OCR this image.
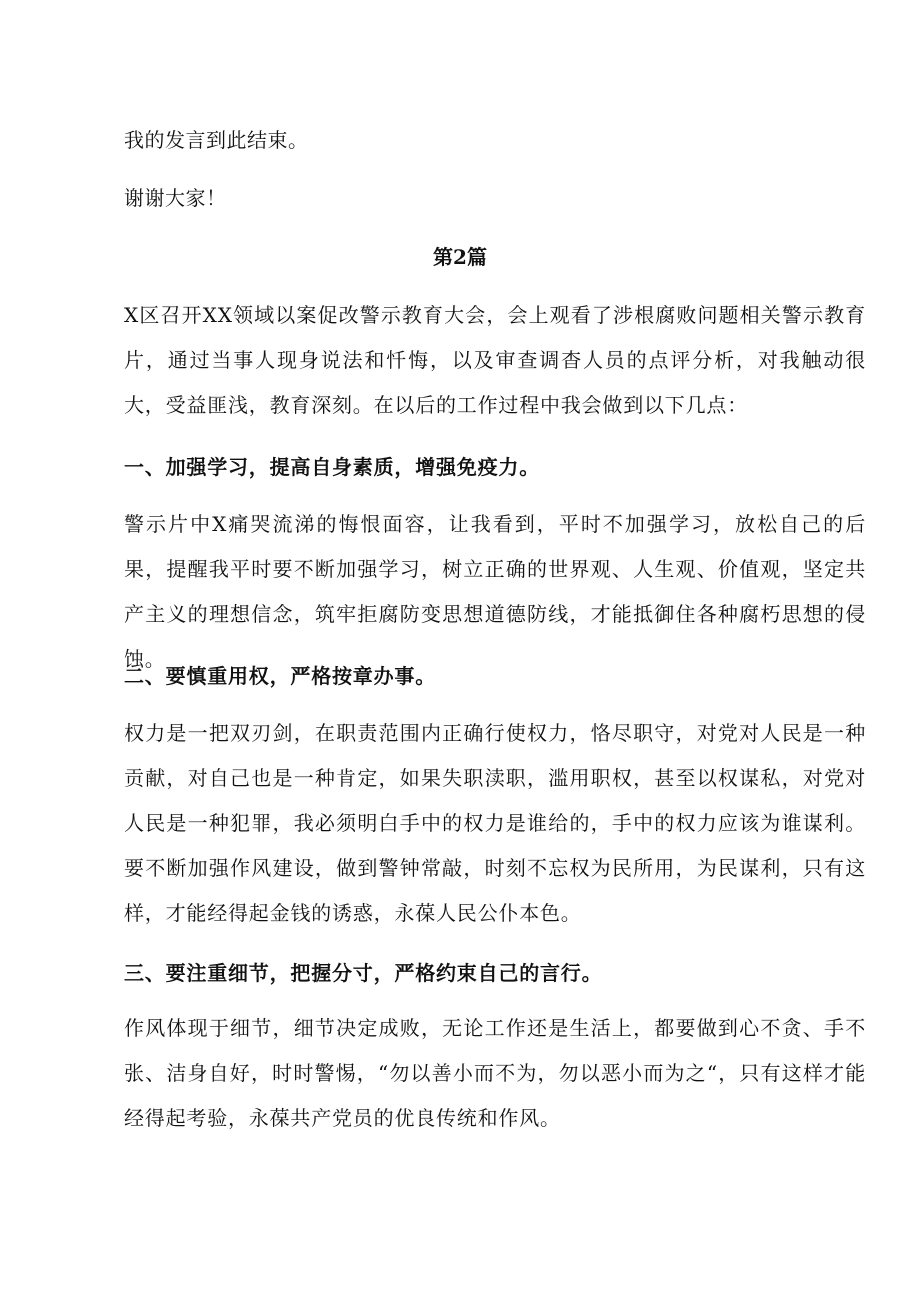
我的发言到此结束。
谢谢大家！
第2篇
X区召开XX领域以案促改警示教育大会，会上观看了涉根腐败问题相关警示教育片，通过当事人现身说法和忏悔，以及审查调杳人员的点评分析，对我触动很大，受益匪浅，教育深刻。在以后的工作过程中我会做到以下几点：
一、加强学习，提高自身素质，增强免疫力。
警示片中X痛哭流涕的悔恨面容，让我看到，平时不加强学习，放松自己的后果，提醒我平时要不断加强学习，树立正确的世界观、人生观、价值观，坚定共产主义的理想信念，筑牢拒腐防变思想道德防线，才能抵御住各种腐朽思想的侵蚀。
二、要慎重用权，严格按章办事。
权力是一把双刃剑，在职责范围内正确行使权力，恪尽职守，对党对人民是一种贡献，对自己也是一种肯定，如果失职渎职，滥用职权，甚至以权谋私，对党对人民是一种犯罪，我必须明白手中的权力是谁给的，手中的权力应该为谁谋利。要不断加强作风建设，做到警钟常敲，时刻不忘权为民所用，为民谋利，只有这样，才能经得起金钱的诱惑，永葆人民公仆本色。
三、要注重细节，把握分寸，严格约束自己的言行。
作风体现于细节，细节决定成败，无论工作还是生活上，都要做到心不贪、手不张、洁身自好，时时警惕，“勿以善小而不为，勿以恶小而为之“，只有这样才能经得起考验，永葆共产党员的优良传统和作风。
